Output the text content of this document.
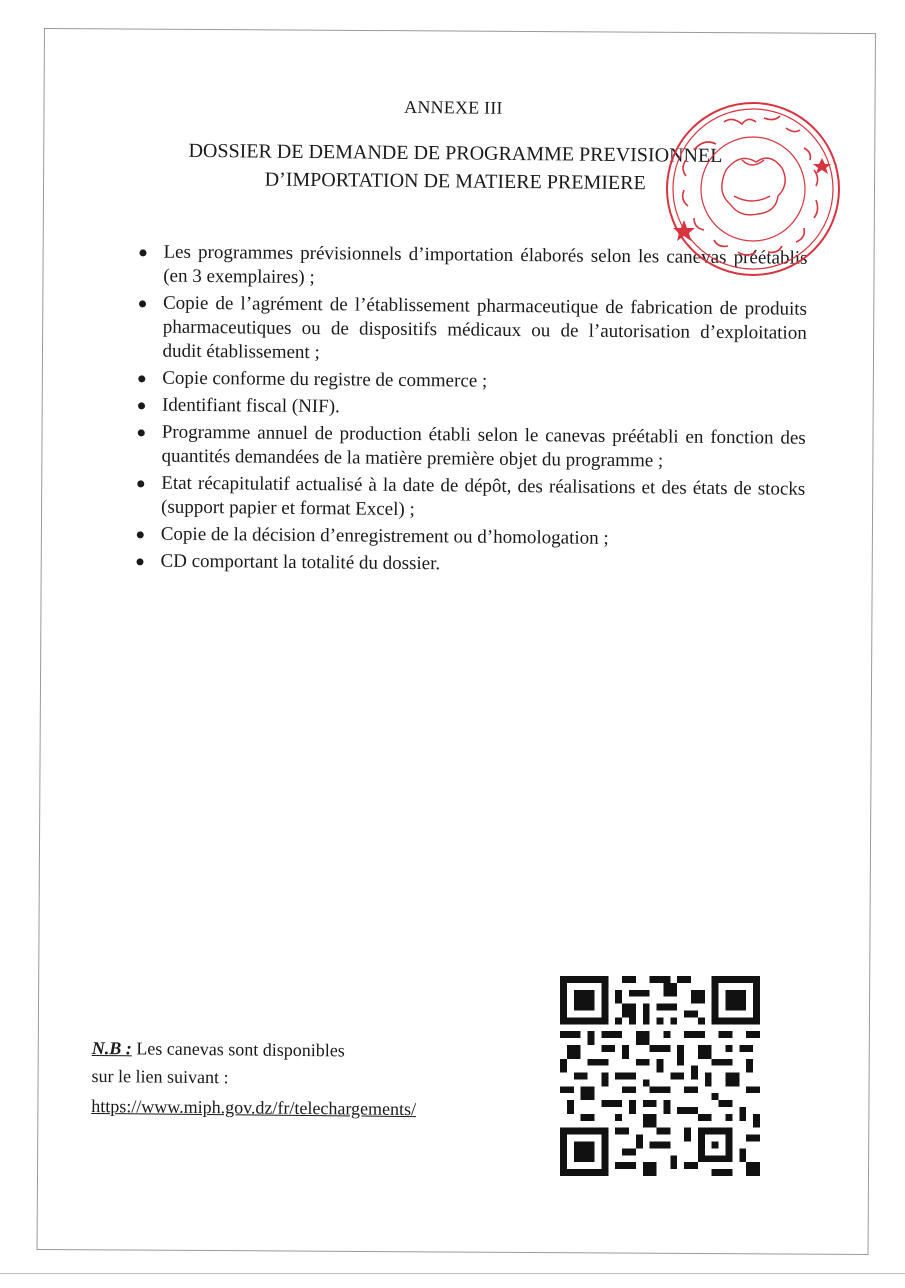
ANNEXE III
DOSSIER DE DEMANDE DE PROGRAMME PREVISIONNEL
D’IMPORTATION DE MATIERE PREMIERE
Les programmes prévisionnels d’importation élaborés selon les canevas préétablis (en 3 exemplaires) ;
Copie de l’agrément de l’établissement pharmaceutique de fabrication de produits pharmaceutiques ou de dispositifs médicaux ou de l’autorisation d’exploitation dudit établissement ;
Copie conforme du registre de commerce ;
Identifiant fiscal (NIF).
Programme annuel de production établi selon le canevas préétabli en fonction des quantités demandées de la matière première objet du programme ;
Etat récapitulatif actualisé à la date de dépôt, des réalisations et des états de stocks (support papier et format Excel) ;
Copie de la décision d’enregistrement ou d’homologation ;
CD comportant la totalité du dossier.
N.B : Les canevas sont disponibles
sur le lien suivant :
https://www.miph.gov.dz/fr/telechargements/
